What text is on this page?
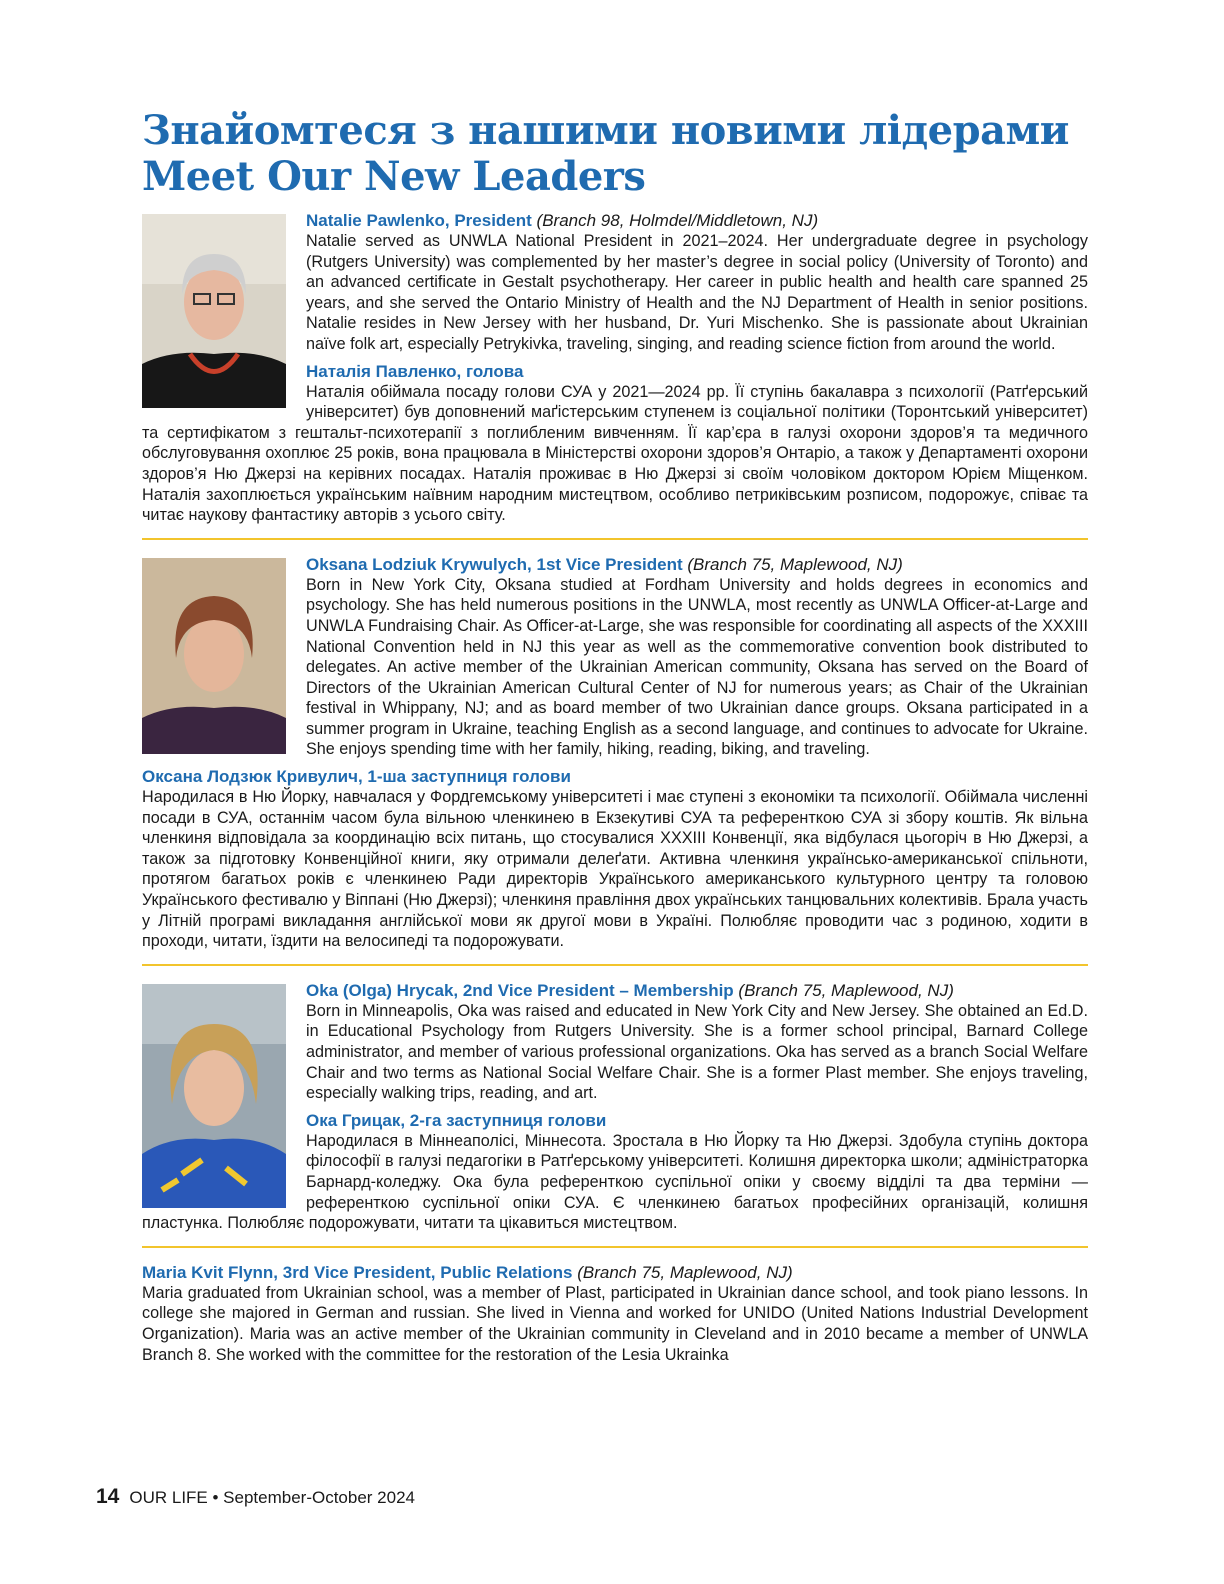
Знайомтеся з нашими новими лідерами
Meet Our New Leaders
Natalie Pawlenko, President (Branch 98, Holmdel/Middletown, NJ)

Natalie served as UNWLA National President in 2021–2024. Her undergraduate degree in psychology (Rutgers University) was complemented by her master’s degree in social policy (University of Toronto) and an advanced certificate in Gestalt psychotherapy. Her career in public health and health care spanned 25 years, and she served the Ontario Ministry of Health and the NJ Department of Health in senior positions. Natalie resides in New Jersey with her husband, Dr. Yuri Mischenko. She is passionate about Ukrainian naïve folk art, especially Petrykivka, traveling, singing, and reading science fiction from around the world.

Наталія Павленко, голова

Наталія обіймала посаду голови СУА у 2021—2024 рр. Її ступінь бакалавра з психології (Ратґерський університет) був доповнений маґістерським ступенем із соціальної політики (Торонтський університет) та сертифікатом з гештальт-психотерапії з поглибленим вивченням. Її кар’єра в галузі охорони здоров’я та медичного обслуговування охоплює 25 років, вона працювала в Міністерстві охорони здоров’я Онтаріо, а також у Департаменті охорони здоров’я Ню Джерзі на керівних посадах. Наталія проживає в Ню Джерзі зі своїм чоловіком доктором Юрієм Міщенком. Наталія захоплюється українським наївним народним мистецтвом, особливо петриківським розписом, подорожує, співає та читає наукову фантастику авторів з усього світу.

Oksana Lodziuk Krywulych, 1st Vice President (Branch 75, Maplewood, NJ)

Born in New York City, Oksana studied at Fordham University and holds degrees in economics and psychology. She has held numerous positions in the UNWLA, most recently as UNWLA Officer-at-Large and UNWLA Fundraising Chair. As Officer-at-Large, she was responsible for coordinating all aspects of the XXXIII National Convention held in NJ this year as well as the commemorative convention book distributed to delegates. An active member of the Ukrainian American community, Oksana has served on the Board of Directors of the Ukrainian American Cultural Center of NJ for numerous years; as Chair of the Ukrainian festival in Whippany, NJ; and as board member of two Ukrainian dance groups. Oksana participated in a summer program in Ukraine, teaching English as a second language, and continues to advocate for Ukraine. She enjoys spending time with her family, hiking, reading, biking, and traveling.

Оксана Лодзюк Кривулич, 1-ша заступниця голови

Народилася в Ню Йорку, навчалася у Фордгемському університеті і має ступені з економіки та психології. Обіймала численні посади в СУА, останнім часом була вільною членкинею в Екзекутиві СУА та референткою СУА зі збору коштів. Як вільна членкиня відповідала за координацію всіх питань, що стосувалися XXXIII Конвенції, яка відбулася цьогоріч в Ню Джерзі, а також за підготовку Конвенційної книги, яку отримали делеґати. Активна членкиня українсько-американської спільноти, протягом багатьох років є членкинею Ради директорів Українського американського культурного центру та головою Українського фестивалю у Віппані (Ню Джерзі); членкиня правління двох українських танцювальних колективів. Брала участь у Літній програмі викладання англійської мови як другої мови в Україні. Полюбляє проводити час з родиною, ходити в проходи, читати, їздити на велосипеді та подорожувати.

Oka (Olga) Hrycak, 2nd Vice President – Membership (Branch 75, Maplewood, NJ)

Born in Minneapolis, Oka was raised and educated in New York City and New Jersey. She obtained an Ed.D. in Educational Psychology from Rutgers University. She is a former school principal, Barnard College administrator, and member of various professional organizations. Oka has served as a branch Social Welfare Chair and two terms as National Social Welfare Chair. She is a former Plast member. She enjoys traveling, especially walking trips, reading, and art.

Ока Грицак, 2-га заступниця голови

Народилася в Міннеаполісі, Міннесота. Зростала в Ню Йорку та Ню Джерзі. Здобула ступінь доктора філософії в галузі педагогіки в Ратґерському університеті. Колишня директорка школи; адміністраторка Барнард-коледжу. Ока була референткою суспільної опіки у своєму відділі та два терміни — референткою суспільної опіки СУА. Є членкинею багатьох професійних організацій, колишня пластунка. Полюбляє подорожувати, читати та цікавиться мистецтвом.

Maria Kvit Flynn, 3rd Vice President, Public Relations (Branch 75, Maplewood, NJ)

Maria graduated from Ukrainian school, was a member of Plast, participated in Ukrainian dance school, and took piano lessons. In college she majored in German and russian. She lived in Vienna and worked for UNIDO (United Nations Industrial Development Organization). Maria was an active member of the Ukrainian community in Cleveland and in 2010 became a member of UNWLA Branch 8. She worked with the committee for the restoration of the Lesia Ukrainka

14 OUR LIFE • September-October 2024
